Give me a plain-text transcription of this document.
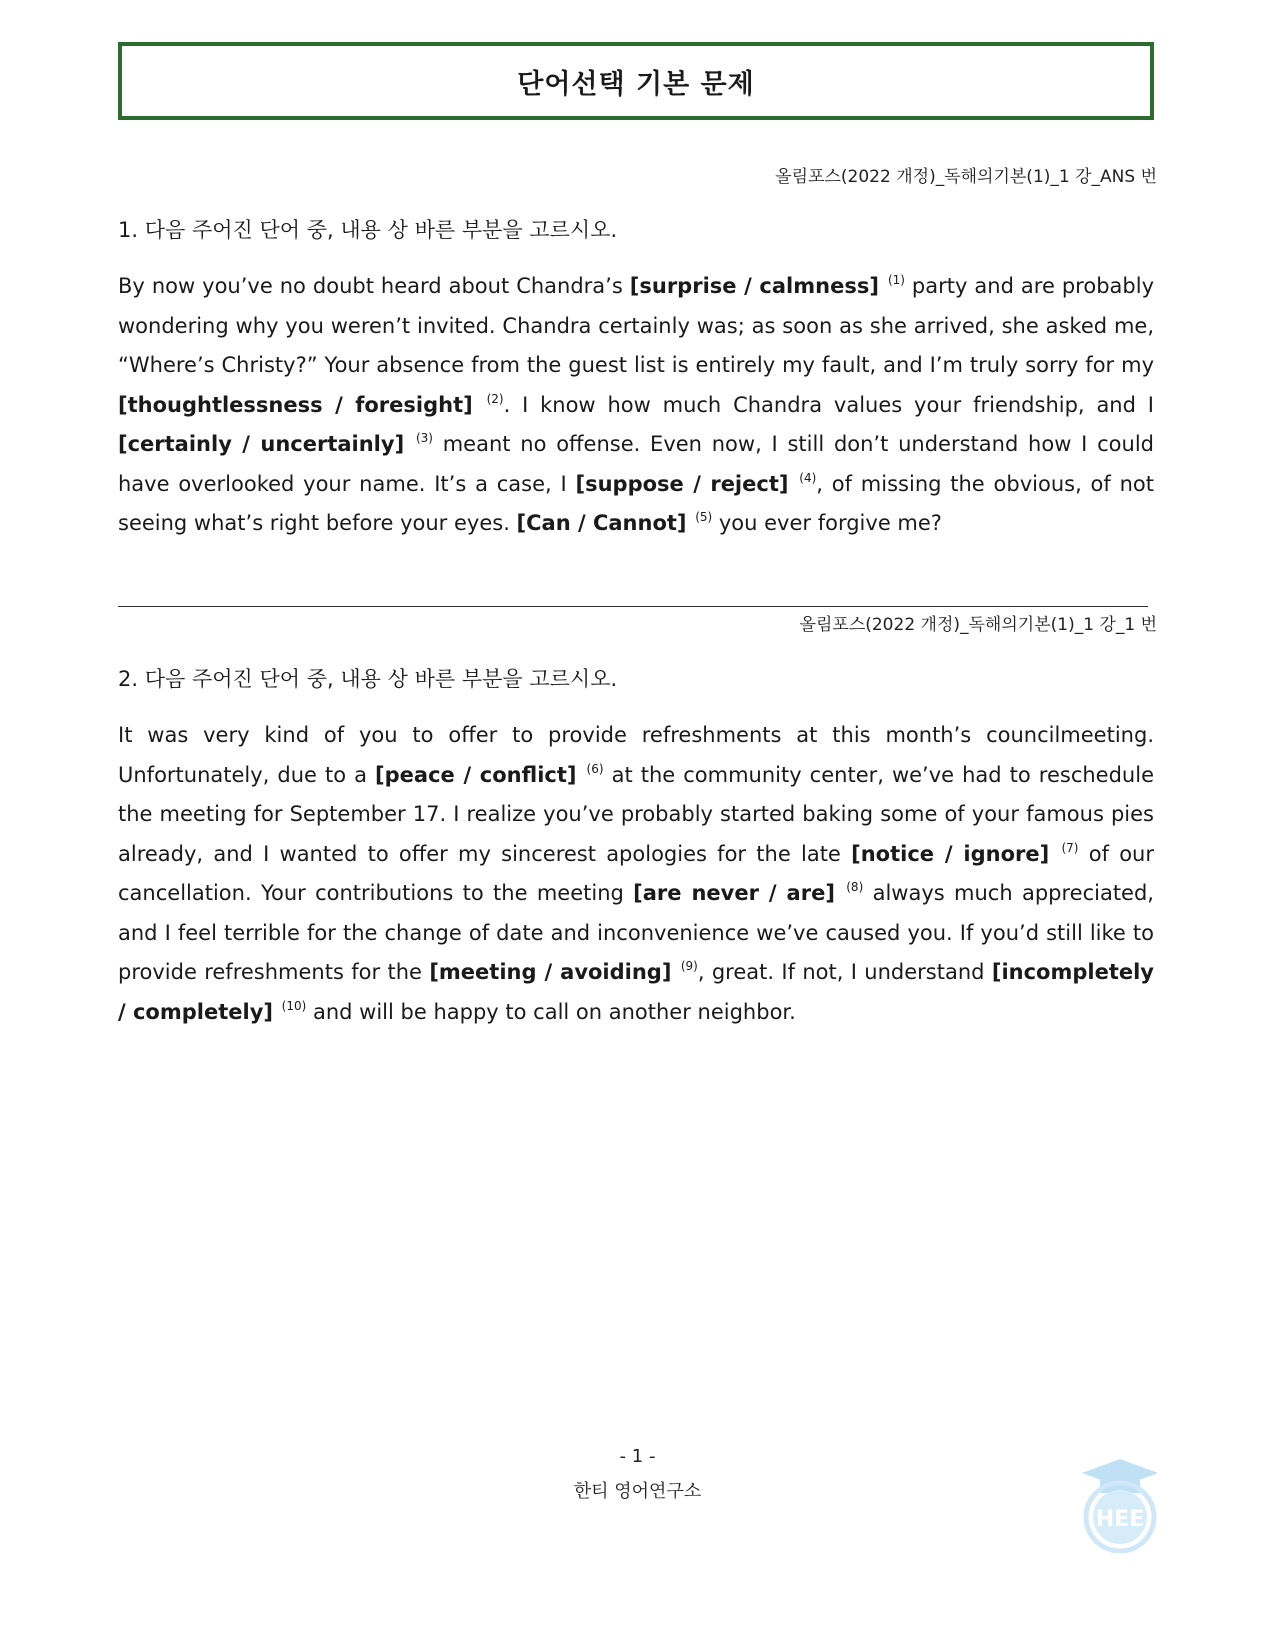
단어선택 기본 문제
올림포스(2022 개정)_독해의기본(1)_1 강_ANS 번
1. 다음 주어진 단어 중, 내용 상 바른 부분을 고르시오.

By now you’ve no doubt heard about Chandra’s [surprise / calmness] $^{(1)}$ party and are probably wondering why you weren’t invited. Chandra certainly was; as soon as she arrived, she asked me, “Where’s Christy?” Your absence from the guest list is entirely my fault, and I’m truly sorry for my [thoughtlessness / foresight] $^{(2)}$. I know how much Chandra values your friendship, and I [certainly / uncertainly] $^{(3)}$ meant no offense. Even now, I still don’t understand how I could have overlooked your name. It’s a case, I [suppose / reject] $^{(4)}$, of missing the obvious, of not seeing what’s right before your eyes. [Can / Cannot] $^{(5)}$ you ever forgive me?

올림포스(2022 개정)_독해의기본(1)_1 강_1 번
2. 다음 주어진 단어 중, 내용 상 바른 부분을 고르시오.

It was very kind of you to offer to provide refreshments at this month’s councilmeeting. Unfortunately, due to a [peace / conflict] $^{(6)}$ at the community center, we’ve had to reschedule the meeting for September 17. I realize you’ve probably started baking some of your famous pies already, and I wanted to offer my sincerest apologies for the late [notice / ignore] $^{(7)}$ of our cancellation. Your contributions to the meeting [are never / are] $^{(8)}$ always much appreciated, and I feel terrible for the change of date and inconvenience we’ve caused you. If you’d still like to provide refreshments for the [meeting / avoiding] $^{(9)}$, great. If not, I understand [incompletely / completely] $^{(10)}$ and will be happy to call on another neighbor.

- 1 -
한티 영어연구소
HEE
